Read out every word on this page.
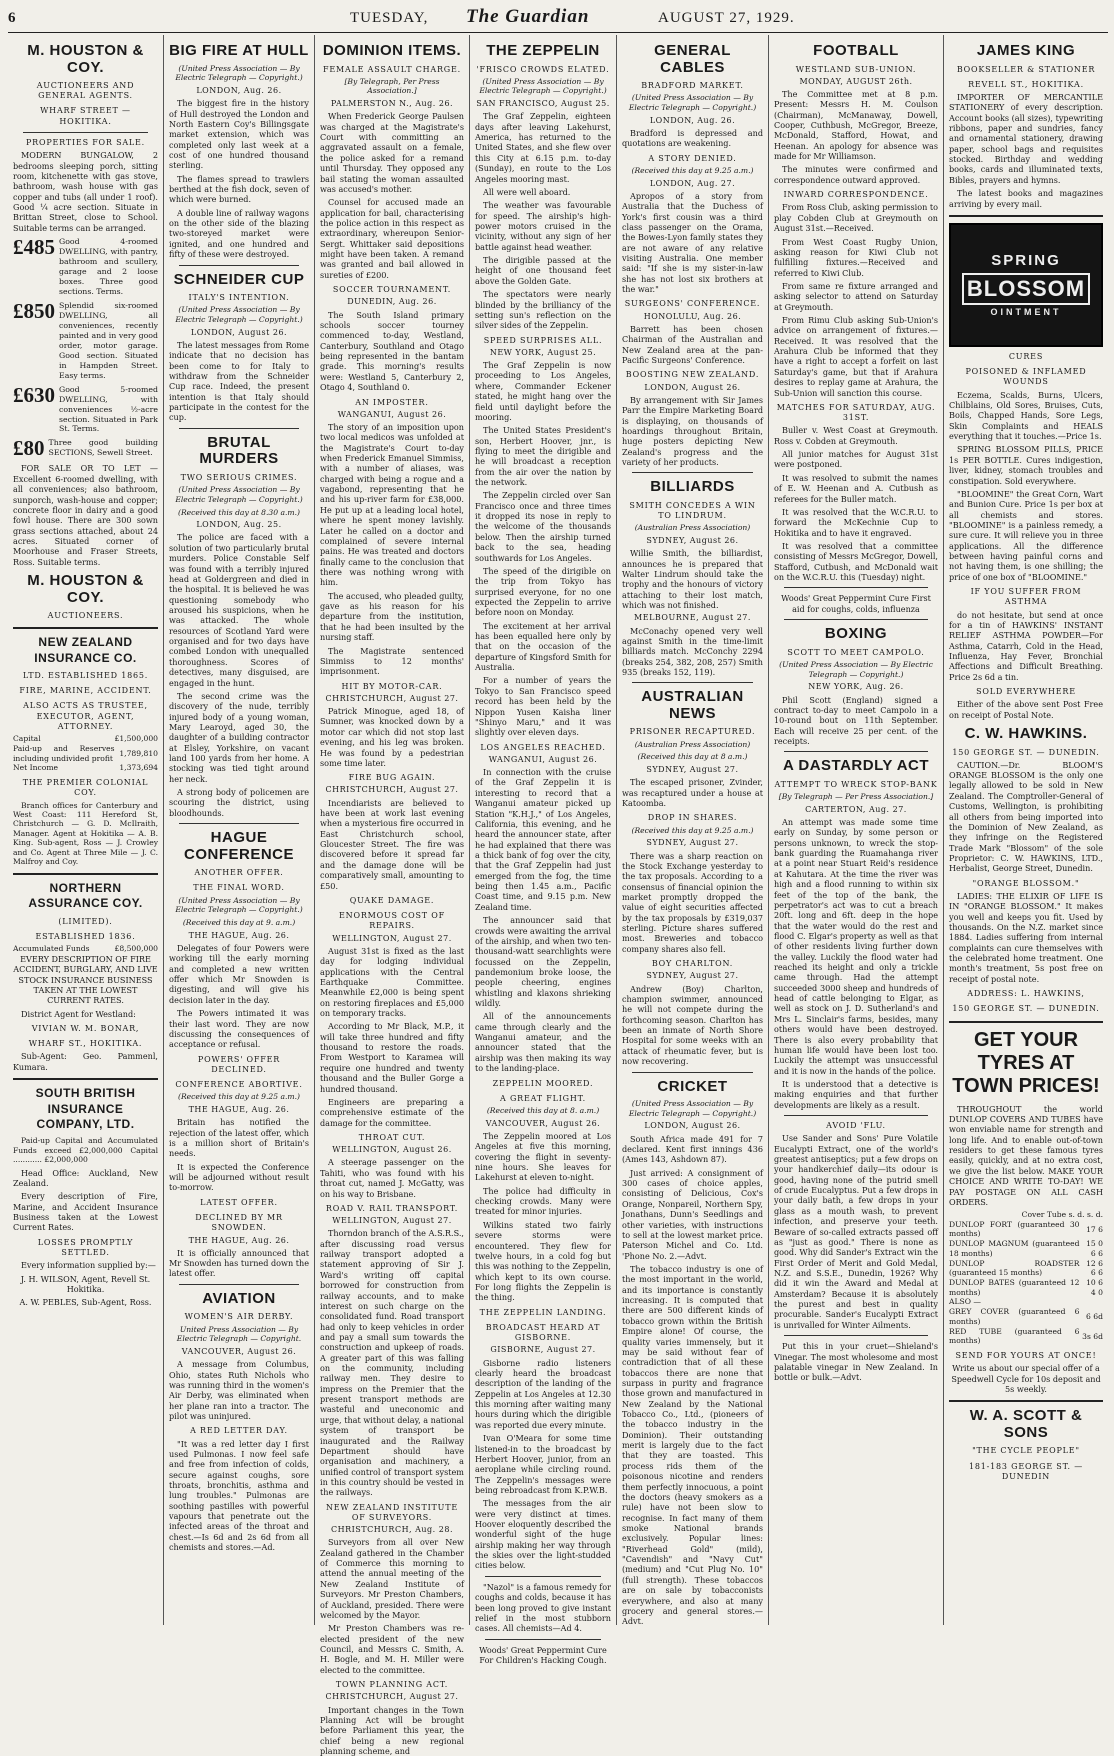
6	TUESDAY, The Guardian	AUGUST 27, 1929.
M. HOUSTON & COY.
AUCTIONEERS AND GENERAL AGENTS.
WHARF STREET — HOKITIKA.
PROPERTIES FOR SALE.

MODERN BUNGALOW, 2 bedrooms sleeping porch, sitting room, kitchenette with gas stove, bathroom, wash house with gas copper and tubs (all under 1 roof). Good ¼ acre section. Situate in Brittan Street, close to School. Suitable terms can be arranged.

£485 Good 4-roomed DWELLING, with pantry, bathroom and scullery, garage and 2 loose boxes. Three good sections. Terms.
£850 Splendid six-roomed DWELLING, all conveniences, recently painted and in very good order, motor garage. Good section. Situated in Hampden Street. Easy terms.
£630 Good 5-roomed DWELLING, with conveniences ½-acre section. Situated in Park St. Terms.
£80 Three good building SECTIONS, Sewell Street.

FOR SALE OR TO LET — Excellent 6-roomed dwelling, with all conveniences; also bathroom, sunporch, wash-house and copper; concrete floor in dairy and a good fowl house. There are 300 sown grass sections attached, about 24 acres. Situated corner of Moorhouse and Fraser Streets, Ross. Suitable terms.

M. HOUSTON & COY.
AUCTIONEERS.
NEW ZEALAND INSURANCE CO.
LTD. ESTABLISHED 1865.
FIRE, MARINE, ACCIDENT.
ALSO ACTS AS TRUSTEE, EXECUTOR, AGENT, ATTORNEY.
Capital	£1,500,000
Paid-up and Reserves including undivided profit	1,789,810
Net Income	1,373,694
THE PREMIER COLONIAL COY.

Branch offices for Canterbury and West Coast: 111 Hereford St, Christchurch — G. D. McIlraith, Manager. Agent at Hokitika — A. B. King. Sub-agent, Ross — J. Crowley and Co. Agent at Three Mile — J. C. Malfroy and Coy.

NORTHERN ASSURANCE COY.
(LIMITED).
ESTABLISHED 1836.
Accumulated Funds	£8,500,000

EVERY DESCRIPTION OF FIRE ACCIDENT, BURGLARY, AND LIVE STOCK INSURANCE BUSINESS TAKEN AT THE LOWEST CURRENT RATES.

District Agent for Westland:

VIVIAN W. M. BONAR,
WHARF ST., HOKITIKA.

Sub-Agent: Geo. Pammenl, Kumara.

SOUTH BRITISH INSURANCE COMPANY, LTD.

Paid-up Capital and Accumulated Funds exceed £2,000,000 Capital ............ £2,000,000

Head Office: Auckland, New Zealand.

Every description of Fire, Marine, and Accident Insurance Business taken at the Lowest Current Rates.

LOSSES PROMPTLY SETTLED.

Every information supplied by:—

J. H. WILSON, Agent, Revell St. Hokitika.

A. W. PEBLES, Sub-Agent, Ross.

BIG FIRE AT HULL
(United Press Association — By Electric Telegraph — Copyright.)
LONDON, Aug. 26.

The biggest fire in the history of Hull destroyed the London and North Eastern Coy's Billingsgate market extension, which was completed only last week at a cost of one hundred thousand sterling.

The flames spread to trawlers berthed at the fish dock, seven of which were burned.

A double line of railway wagons on the other side of the blazing two-storeyed market were ignited, and one hundred and fifty of these were destroyed.

SCHNEIDER CUP
ITALY'S INTENTION.
(United Press Association — By Electric Telegraph — Copyright.)
LONDON, August 26.

The latest messages from Rome indicate that no decision has been come to for Italy to withdraw from the Schneider Cup race. Indeed, the present intention is that Italy should participate in the contest for the cup.

BRUTAL MURDERS
TWO SERIOUS CRIMES.
(United Press Association — By Electric Telegraph — Copyright.)
(Received this day at 8.30 a.m.)
LONDON, Aug. 25.

The police are faced with a solution of two particularly brutal murders. Police Constable Self was found with a terribly injured head at Goldergreen and died in the hospital. It is believed he was questioning somebody who aroused his suspicions, when he was attacked. The whole resources of Scotland Yard were organised and for two days have combed London with unequalled thoroughness. Scores of detectives, many disguised, are engaged in the hunt.

The second crime was the discovery of the nude, terribly injured body of a young woman, Mary Learoyd, aged 30, the daughter of a building contractor at Elsley, Yorkshire, on vacant land 100 yards from her home. A stocking was tied tight around her neck.

A strong body of policemen are scouring the district, using bloodhounds.

HAGUE CONFERENCE
ANOTHER OFFER.
THE FINAL WORD.
(United Press Association — By Electric Telegraph — Copyright.)
(Received this day at 9. a.m.)
THE HAGUE, Aug. 26.

Delegates of four Powers were working till the early morning and completed a new written offer which Mr Snowden is digesting, and will give his decision later in the day.

The Powers intimated it was their last word. They are now discussing the consequences of acceptance or refusal.

POWERS' OFFER DECLINED.
CONFERENCE ABORTIVE.
(Received this day at 9.25 a.m.)
THE HAGUE, Aug. 26.

Britain has notified the rejection of the latest offer, which is a million short of Britain's needs.

It is expected the Conference will be adjourned without result to-morrow.

LATEST OFFER.
DECLINED BY MR SNOWDEN.
THE HAGUE, Aug. 26.

It is officially announced that Mr Snowden has turned down the latest offer.

AVIATION
WOMEN'S AIR DERBY.
United Press Association — By Electric Telegraph — Copyright.
VANCOUVER, August 26.

A message from Columbus, Ohio, states Ruth Nichols who was running third in the women's Air Derby, was eliminated when her plane ran into a tractor. The pilot was uninjured.

A RED LETTER DAY.

"It was a red letter day I first used Pulmonas. I now feel safe and free from infection of colds, secure against coughs, sore throats, bronchitis, asthma and lung troubles." Pulmonas are soothing pastilles with powerful vapours that penetrate out the infected areas of the throat and chest.—Is 6d and 2s 6d from all chemists and stores.—Ad.

DOMINION ITEMS.
FEMALE ASSAULT CHARGE.
[By Telegraph, Per Press Association.]
PALMERSTON N., Aug. 26.

When Frederick George Paulsen was charged at the Magistrate's Court with committing an aggravated assault on a female, the police asked for a remand until Thursday. They opposed any bail stating the woman assaulted was accused's mother.

Counsel for accused made an application for bail, characterising the police action in this respect as extraordinary, whereupon Senior-Sergt. Whittaker said depositions might have been taken. A remand was granted and bail allowed in sureties of £200.

SOCCER TOURNAMENT.
DUNEDIN, Aug. 26.

The South Island primary schools soccer tourney commenced to-day, Westland, Canterbury, Southland and Otago being represented in the bantam grade. This morning's results were: Westland 5, Canterbury 2, Otago 4, Southland 0.

AN IMPOSTER.
WANGANUI, August 26.

The story of an imposition upon two local medicos was unfolded at the Magistrate's Court to-day when Frederick Emanuel Simmiss, with a number of aliases, was charged with being a rogue and a vagabond, representing that he and his up-river farm for £38,000. He put up at a leading local hotel, where he spent money lavishly. Later he called on a doctor and complained of severe internal pains. He was treated and doctors finally came to the conclusion that there was nothing wrong with him.

The accused, who pleaded guilty, gave as his reason for his departure from the institution, that he had been insulted by the nursing staff.

The Magistrate sentenced Simmiss to 12 months' imprisonment.

HIT BY MOTOR-CAR.
CHRISTCHURCH, August 27.

Patrick Minogue, aged 18, of Sumner, was knocked down by a motor car which did not stop last evening, and his leg was broken. He was found by a pedestrian some time later.

FIRE BUG AGAIN.
CHRISTCHURCH, August 27.

Incendiarists are believed to have been at work last evening when a mysterious fire occurred in East Christchurch school, Gloucester Street. The fire was discovered before it spread far and the damage done will be comparatively small, amounting to £50.

QUAKE DAMAGE.
ENORMOUS COST OF REPAIRS.
WELLINGTON, August 27.

August 31st is fixed as the last day for lodging individual applications with the Central Earthquake Committee. Meanwhile £2,000 is being spent on restoring fireplaces and £5,000 on temporary tracks.

According to Mr Black, M.P., it will take three hundred and fifty thousand to restore the roads. From Westport to Karamea will require one hundred and twenty thousand and the Buller Gorge a hundred thousand.

Engineers are preparing a comprehensive estimate of the damage for the committee.

THROAT CUT.
WELLINGTON, August 26.

A steerage passenger on the Tahiti, who was found with his throat cut, named J. McGatty, was on his way to Brisbane.

ROAD V. RAIL TRANSPORT.
WELLINGTON, August 27.

Thorndon branch of the A.S.R.S., after discussing road versus railway transport adopted a statement approving of Sir J. Ward's writing off capital borrowed for construction from railway accounts, and to make interest on such charge on the consolidated fund. Road transport had only to keep vehicles in order and pay a small sum towards the construction and upkeep of roads. A greater part of this was falling on the community, including railway men. They desire to impress on the Premier that the present transport methods are wasteful and uneconomic and urge, that without delay, a national system of transport be inaugurated and the Railway Department should have organisation and machinery, a unified control of transport system in this country should be vested in the railways.

NEW ZEALAND INSTITUTE OF SURVEYORS.
CHRISTCHURCH, Aug. 28.

Surveyors from all over New Zealand gathered in the Chamber of Commerce this morning to attend the annual meeting of the New Zealand Institute of Surveyors. Mr Preston Chambers, of Auckland, presided. There were welcomed by the Mayor.

Mr Preston Chambers was re-elected president of the new Council, and Messrs C. Smith, A. H. Bogle, and M. H. Miller were elected to the committee.

TOWN PLANNING ACT.
CHRISTCHURCH, August 27.

Important changes in the Town Planning Act will be brought before Parliament this year, the chief being a new regional planning scheme, and

THE ZEPPELIN
'FRISCO CROWDS ELATED.
(United Press Association — By Electric Telegraph — Copyright.)
SAN FRANCISCO, August 25.

The Graf Zeppelin, eighteen days after leaving Lakehurst, America, has returned to the United States, and she flew over this City at 6.15 p.m. to-day (Sunday), en route to the Los Angeles mooring mast.

All were well aboard.

The weather was favourable for speed. The airship's high-power motors cruised in the vicinity, without any sign of her battle against head weather.

The dirigible passed at the height of one thousand feet above the Golden Gate.

The spectators were nearly blinded by the brilliancy of the setting sun's reflection on the silver sides of the Zeppelin.

SPEED SURPRISES ALL.
NEW YORK, August 25.

The Graf Zeppelin is now proceeding to Los Angeles, where, Commander Eckener stated, he might hang over the field until daylight before the mooring.

The United States President's son, Herbert Hoover, jnr., is flying to meet the dirigible and he will broadcast a reception from the air over the nation by the network.

The Zeppelin circled over San Francisco once and three times it dropped its nose in reply to the welcome of the thousands below. Then the airship turned back to the sea, heading southwards for Los Angeles.

The speed of the dirigible on the trip from Tokyo has surprised everyone, for no one expected the Zeppelin to arrive before noon on Monday.

The excitement at her arrival has been equalled here only by that on the occasion of the departure of Kingsford Smith for Australia.

For a number of years the Tokyo to San Francisco speed record has been held by the Nippon Yusen Kaisha liner "Shinyo Maru," and it was slightly over eleven days.

LOS ANGELES REACHED.
WANGANUI, August 26.

In connection with the cruise of the Graf Zeppelin it is interesting to record that a Wanganui amateur picked up Station "K.H.J.," of Los Angeles, California, this evening, and he heard the announcer state, after he had explained that there was a thick bank of fog over the city, that the Graf Zeppelin had just emerged from the fog, the time being then 1.45 a.m., Pacific Coast time, and 9.15 p.m. New Zealand time.

The announcer said that crowds were awaiting the arrival of the airship, and when two ten-thousand-watt searchlights were focussed on the Zeppelin, pandemonium broke loose, the people cheering, engines whistling and klaxons shrieking wildly.

All of the announcements came through clearly and the Wanganui amateur, and the announcer stated that the airship was then making its way to the landing-place.

ZEPPELIN MOORED.
A GREAT FLIGHT.
(Received this day at 8. a.m.)
VANCOUVER, August 26.

The Zeppelin moored at Los Angeles at five this morning, covering the flight in seventy-nine hours. She leaves for Lakehurst at eleven to-night.

The police had difficulty in checking crowds. Many were treated for minor injuries.

Wilkins stated two fairly severe storms were encountered. They flew for twelve hours, in a cold fog but this was nothing to the Zeppelin, which kept to its own course. For long flights the Zeppelin is the thing.

THE ZEPPELIN LANDING.
BROADCAST HEARD AT GISBORNE.
GISBORNE, August 27.

Gisborne radio listeners clearly heard the broadcast description of the landing of the Zeppelin at Los Angeles at 12.30 this morning after waiting many hours during which the dirigible was reported due every minute.

Ivan O'Meara for some time listened-in to the broadcast by Herbert Hoover, junior, from an aeroplane while circling round. The Zeppelin's messages were being rebroadcast from K.P.W.B.

The messages from the air were very distinct at times. Hoover eloquently described the wonderful sight of the huge airship making her way through the skies over the light-studded cities below.

"Nazol" is a famous remedy for coughs and colds, because it has been long proved to give instant relief in the most stubborn cases. All chemists—Ad 4.

Woods' Great Peppermint Cure For Children's Hacking Cough.

GENERAL CABLES
BRADFORD MARKET.
(United Press Association — By Electric Telegraph — Copyright.)
LONDON, Aug. 26.

Bradford is depressed and quotations are weakening.

A STORY DENIED.
(Received this day at 9.25 a.m.)
LONDON, Aug. 27.

Apropos of a story from Australia that the Duchess of York's first cousin was a third class passenger on the Orama, the Bowes-Lyon family states they are not aware of any relative visiting Australia. One member said: "If she is my sister-in-law she has not lost six brothers at the war."

SURGEONS' CONFERENCE.
HONOLULU, Aug. 26.

Barrett has been chosen Chairman of the Australian and New Zealand area at the pan-Pacific Surgeons' Conference.

BOOSTING NEW ZEALAND.
LONDON, August 26.

By arrangement with Sir James Parr the Empire Marketing Board is displaying, on thousands of hoardings throughout Britain, huge posters depicting New Zealand's progress and the variety of her products.

BILLIARDS
SMITH CONCEDES A WIN TO LINDRUM.
(Australian Press Association)
SYDNEY, August 26.

Willie Smith, the billiardist, announces he is prepared that Walter Lindrum should take the trophy and the honours of victory attaching to their lost match, which was not finished.

MELBOURNE, August 27.

McConachy opened very well against Smith in the time-limit billiards match. McConchy 2294 (breaks 254, 382, 208, 257) Smith 935 (breaks 152, 119).

AUSTRALIAN NEWS
PRISONER RECAPTURED.
(Australian Press Association)
(Received this day at 8 a.m.)
SYDNEY, August 27.

The escaped prisoner, Zvinder, was recaptured under a house at Katoomba.

DROP IN SHARES.
(Received this day at 9.25 a.m.)
SYDNEY, August 27.

There was a sharp reaction on the Stock Exchange yesterday to the tax proposals. According to a consensus of financial opinion the market promptly dropped the value of eight securities affected by the tax proposals by £319,037 sterling. Picture shares suffered most. Breweries and tobacco company shares also fell.

BOY CHARLTON.
SYDNEY, August 27.

Andrew (Boy) Charlton, champion swimmer, announced he will not compete during the forthcoming season. Charlton has been an inmate of North Shore Hospital for some weeks with an attack of rheumatic fever, but is now recovering.

CRICKET
(United Press Association — By Electric Telegraph — Copyright.)
LONDON, August 26.

South Africa made 491 for 7 declared. Kent first innings 436 (Ames 143, Ashdown 87).

Just arrived: A consignment of 300 cases of choice apples, consisting of Delicious, Cox's Orange, Nonpareil, Northern Spy, Jonathans, Dunn's Seedlings and other varieties, with instructions to sell at the lowest market price. Paterson Michel and Co. Ltd. 'Phone No. 2.—Advt.

The tobacco industry is one of the most important in the world, and its importance is constantly increasing. It is computed that there are 500 different kinds of tobacco grown within the British Empire alone! Of course, the quality varies immensely, but it may be said without fear of contradiction that of all these tobaccos there are none that surpass in purity and fragrance those grown and manufactured in New Zealand by the National Tobacco Co., Ltd., (pioneers of the tobacco industry in the Dominion). Their outstanding merit is largely due to the fact that they are toasted. This process rids them of the poisonous nicotine and renders them perfectly innocuous, a point the doctors (heavy smokers as a rule) have not been slow to recognise. In fact many of them smoke National brands exclusively. Popular lines: "Riverhead Gold" (mild), "Cavendish" and "Navy Cut" (medium) and "Cut Plug No. 10" (full strength). These tobaccos are on sale by tobacconists everywhere, and also at many grocery and general stores.—Advt.

FOOTBALL
WESTLAND SUB-UNION.
MONDAY, AUGUST 26th.

The Committee met at 8 p.m. Present: Messrs H. M. Coulson (Chairman), McManaway, Dowell, Cooper, Cuthbush, McGregor, Breeze, McDonald, Stafford, Howat, and Heenan. An apology for absence was made for Mr Williamson.

The minutes were confirmed and correspondence outward approved.

INWARD CORRESPONDENCE.

From Ross Club, asking permission to play Cobden Club at Greymouth on August 31st.—Received.

From West Coast Rugby Union, asking reason for Kiwi Club not fulfilling fixtures.—Received and referred to Kiwi Club.

From same re fixture arranged and asking selector to attend on Saturday at Greymouth.

From Rimu Club asking Sub-Union's advice on arrangement of fixtures.—Received. It was resolved that the Arahura Club be informed that they have a right to accept a forfeit on last Saturday's game, but that if Arahura desires to replay game at Arahura, the Sub-Union will sanction this course.

MATCHES FOR SATURDAY, AUG. 31ST.

Buller v. West Coast at Greymouth. Ross v. Cobden at Greymouth.

All junior matches for August 31st were postponed.

It was resolved to submit the names of E. W. Heenan and A. Cutbush as referees for the Buller match.

It was resolved that the W.C.R.U. to forward the McKechnie Cup to Hokitika and to have it engraved.

It was resolved that a committee consisting of Messrs McGregor, Dowell, Stafford, Cutbush, and McDonald wait on the W.C.R.U. this (Tuesday) night.

Woods' Great Peppermint Cure First aid for coughs, colds, influenza

BOXING
SCOTT TO MEET CAMPOLO.
(United Press Association — By Electric Telegraph — Copyright.)
NEW YORK, Aug. 26.

Phil Scott (England) signed a contract to-day to meet Campolo in a 10-round bout on 11th September. Each will receive 25 per cent. of the receipts.

A DASTARDLY ACT
ATTEMPT TO WRECK STOP-BANK
[By Telegraph — Per Press Association.]
CARTERTON, Aug. 27.

An attempt was made some time early on Sunday, by some person or persons unknown, to wreck the stop-bank guarding the Ruamahanga river at a point near Stuart Reid's residence at Kahutara. At the time the river was high and a flood running to within six feet of the top of the bank, the perpetrator's act was to cut a breach 20ft. long and 6ft. deep in the hope that the water would do the rest and flood C. Elgar's property as well as that of other residents living further down the valley. Luckily the flood water had reached its height and only a trickle came through. Had the attempt succeeded 3000 sheep and hundreds of head of cattle belonging to Elgar, as well as stock on J. D. Sutherland's and Mrs L. Sinclair's farms, besides, many others would have been destroyed. There is also every probability that human life would have been lost too. Luckily the attempt was unsuccessful and it is now in the hands of the police.

It is understood that a detective is making enquiries and that further developments are likely as a result.

AVOID 'FLU.

Use Sander and Sons' Pure Volatile Eucalypti Extract, one of the world's greatest antiseptics; put a few drops on your handkerchief daily—its odour is good, having none of the putrid smell of crude Eucalyptus. Put a few drops in your daily bath, a few drops in your glass as a mouth wash, to prevent infection, and preserve your teeth. Beware of so-called extracts passed off as "just as good." There is none as good. Why did Sander's Extract win the First Order of Merit and Gold Medal, N.Z. and S.S.E., Dunedin, 1926? Why did it win the Award and Medal at Amsterdam? Because it is absolutely the purest and best in quality procurable. Sander's Eucalypti Extract is unrivalled for Winter Ailments.

Put this in your cruet—Shieland's Vinegar. The most wholesome and most palatable vinegar in New Zealand. In bottle or bulk.—Advt.

JAMES KING
BOOKSELLER & STATIONER
REVELL ST., HOKITIKA.

IMPORTER OF MERCANTILE STATIONERY of every description. Account books (all sizes), typewriting ribbons, paper and sundries, fancy and ornamental stationery, drawing paper, school bags and requisites stocked. Birthday and wedding books, cards and illuminated texts, Bibles, prayers and hymns.

The latest books and magazines arriving by every mail.

SPRING
BLOSSOM
OINTMENT
CURES
POISONED & INFLAMED WOUNDS

Eczema, Scalds, Burns, Ulcers, Chilblains, Old Sores, Bruises, Cuts, Boils, Chapped Hands, Sore Legs, Skin Complaints and HEALS everything that it touches.—Price 1s.

SPRING BLOSSOM PILLS, PRICE 1s PER BOTTLE. Cures indigestion, liver, kidney, stomach troubles and constipation. Sold everywhere.

"BLOOMINE" the Great Corn, Wart and Bunion Cure. Price 1s per box at all chemists and stores. "BLOOMINE" is a painless remedy, a sure cure. It will relieve you in three applications. All the difference between having painful corns and not having them, is one shilling; the price of one box of "BLOOMINE."

IF YOU SUFFER FROM ASTHMA

do not hesitate, but send at once for a tin of HAWKINS' INSTANT RELIEF ASTHMA POWDER—For Asthma, Catarrh, Cold in the Head, Influenza, Hay Fever, Bronchial Affections and Difficult Breathing. Price 2s 6d a tin.

SOLD EVERYWHERE

Either of the above sent Post Free on receipt of Postal Note.

C. W. HAWKINS.
150 GEORGE ST. — DUNEDIN.

CAUTION.—Dr. BLOOM'S ORANGE BLOSSOM is the only one legally allowed to be sold in New Zealand. The Comptroller-General of Customs, Wellington, is prohibiting all others from being imported into the Dominion of New Zealand, as they infringe on the Registered Trade Mark "Blossom" of the sole Proprietor: C. W. HAWKINS, LTD., Herbalist, George Street, Dunedin.

"ORANGE BLOSSOM."

LADIES: THE ELIXIR OF LIFE IS IN "ORANGE BLOSSOM." It makes you well and keeps you fit. Used by thousands. On the N.Z. market since 1884. Ladies suffering from internal complaints can cure themselves with the celebrated home treatment. One month's treatment, 5s post free on receipt of postal note.

ADDRESS: L. HAWKINS,
150 GEORGE ST. — DUNEDIN.
GET YOUR TYRES AT TOWN PRICES!

THROUGHOUT the world DUNLOP COVERS AND TUBES have won enviable name for strength and long life. And to enable out-of-town residers to get these famous tyres easily, quickly, and at no extra cost, we give the list below. MAKE YOUR CHOICE AND WRITE TO-DAY! WE PAY POSTAGE ON ALL CASH ORDERS.

Cover Tube s. d. s. d.
DUNLOP FORT (guaranteed 30 months)	17 6
DUNLOP MAGNUM (guaranteed 18 months)	15 0 6 6
DUNLOP ROADSTER (guaranteed 15 months)	12 6 6 6
DUNLOP BATES (guaranteed 12 months)	10 6 4 0
ALSO —	
GREY COVER (guaranteed 6 months)	6 6d
RED TUBE (guaranteed 6 months)	3s 6d
SEND FOR YOURS AT ONCE!

Write us about our special offer of a Speedwell Cycle for 10s deposit and 5s weekly.

W. A. SCOTT & SONS
"THE CYCLE PEOPLE"
181-183 GEORGE ST. — DUNEDIN
